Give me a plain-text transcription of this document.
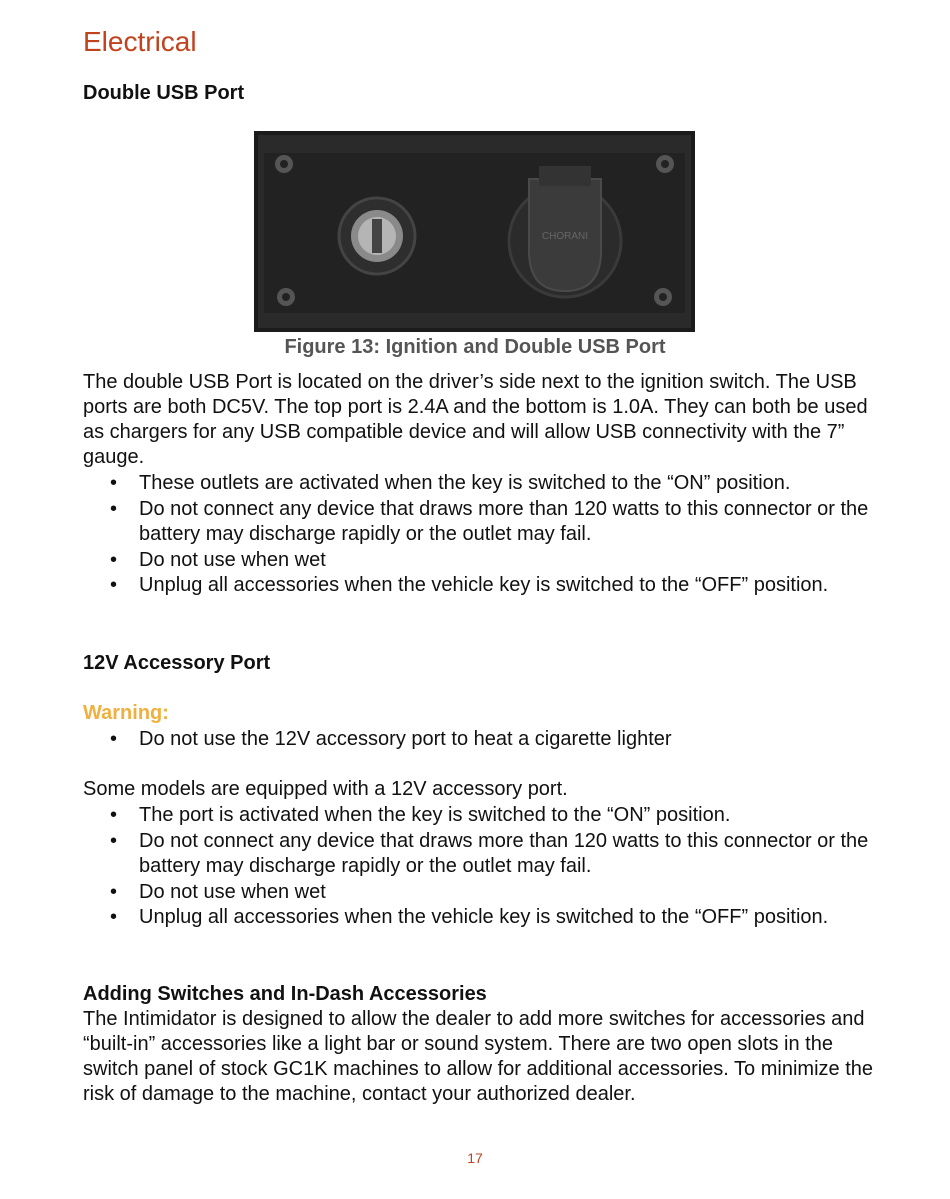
Electrical
Double USB Port
CHORANI
Figure 13: Ignition and Double USB Port
The double USB Port is located on the driver’s side next to the ignition switch. The USB ports are both DC5V. The top port is 2.4A and the bottom is 1.0A. They can both be used as chargers for any USB compatible device and will allow USB connectivity with the 7” gauge.
• These outlets are activated when the key is switched to the “ON” position.
• Do not connect any device that draws more than 120 watts to this connector or the battery may discharge rapidly or the outlet may fail.
• Do not use when wet
• Unplug all accessories when the vehicle key is switched to the “OFF” position.
12V Accessory Port
Warning:
• Do not use the 12V accessory port to heat a cigarette lighter
Some models are equipped with a 12V accessory port.
• The port is activated when the key is switched to the “ON” position.
• Do not connect any device that draws more than 120 watts to this connector or the battery may discharge rapidly or the outlet may fail.
• Do not use when wet
• Unplug all accessories when the vehicle key is switched to the “OFF” position.
Adding Switches and In-Dash Accessories
The Intimidator is designed to allow the dealer to add more switches for accessories and “built-in” accessories like a light bar or sound system. There are two open slots in the switch panel of stock GC1K machines to allow for additional accessories. To minimize the risk of damage to the machine, contact your authorized dealer.
17
